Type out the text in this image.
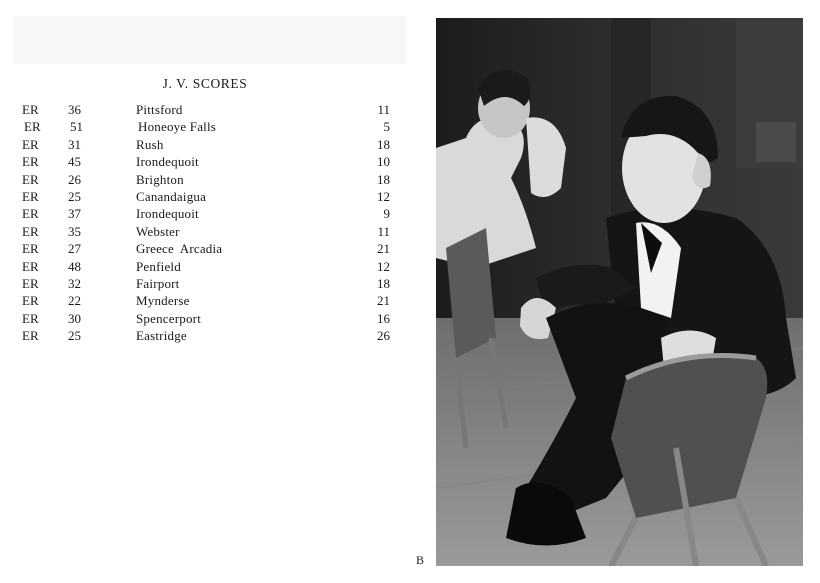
J. V. SCORES
ER 36	Pittsford	11
ER 51	Honeoye Falls	5
ER 31	Rush	18
ER 45	Irondequoit	10
ER 26	Brighton	18
ER 25	Canandaigua	12
ER 37	Irondequoit	9
ER 35	Webster	11
ER 27	Greece Arcadia	21
ER 48	Penfield	12
ER 32	Fairport	18
ER 22	Mynderse	21
ER 30	Spencerport	16
ER 25	Eastridge	26
B
